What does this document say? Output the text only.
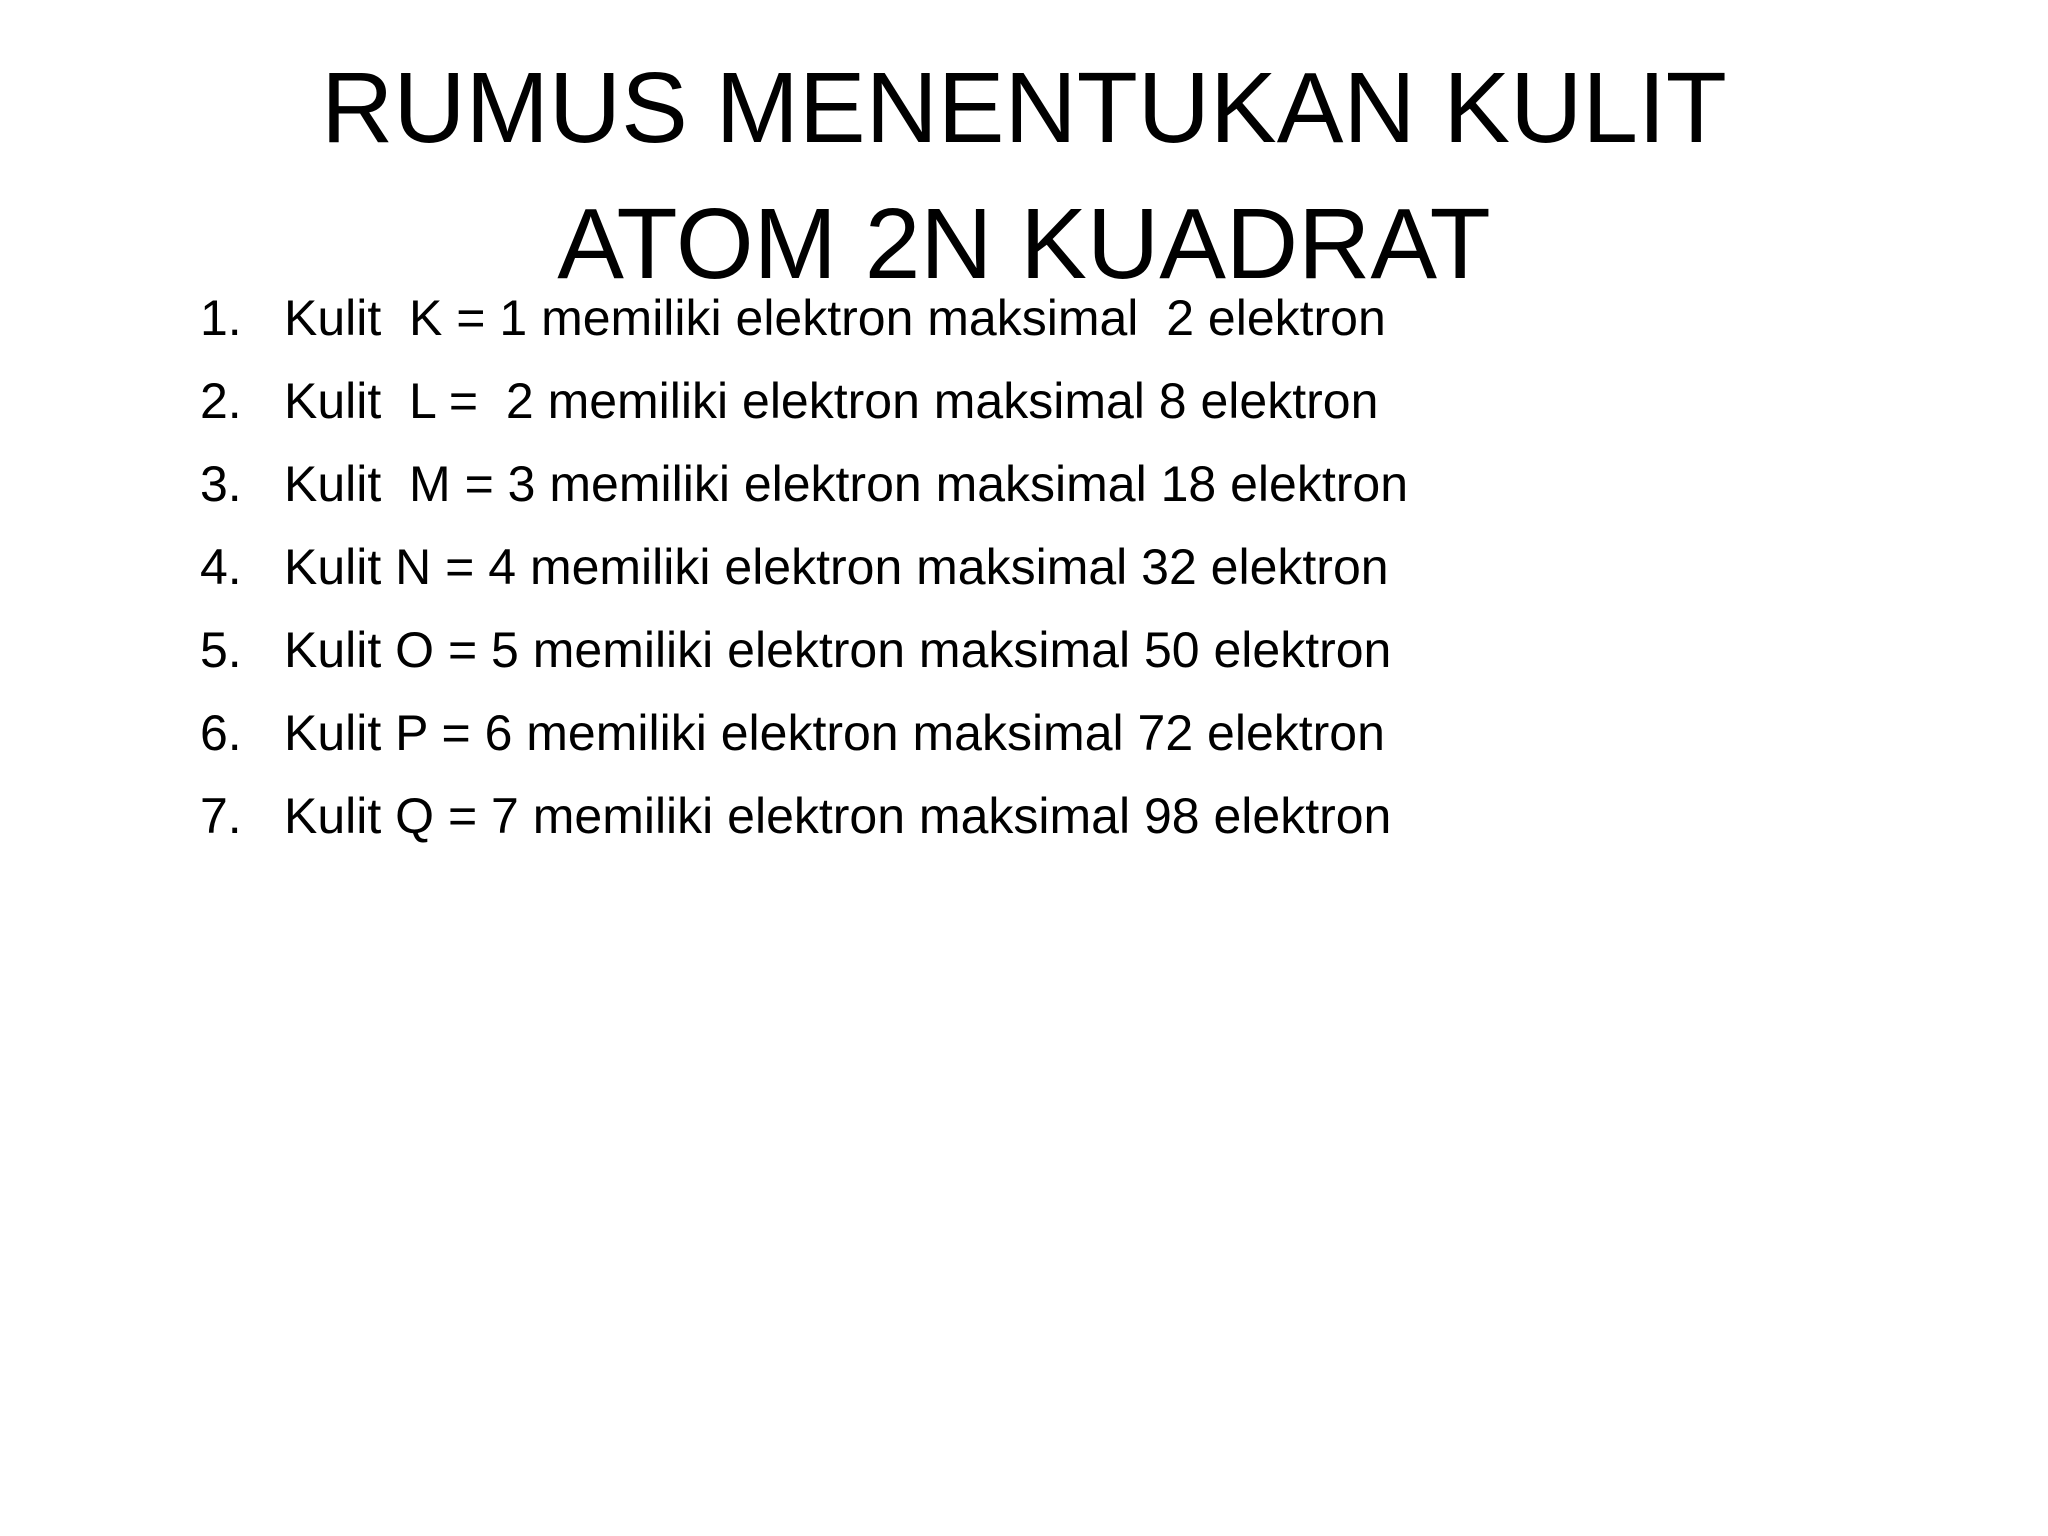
RUMUS MENENTUKAN KULIT
ATOM 2N KUADRAT
1. Kulit  K = 1 memiliki elektron maksimal  2 elektron
2. Kulit  L =  2 memiliki elektron maksimal 8 elektron
3. Kulit  M = 3 memiliki elektron maksimal 18 elektron
4. Kulit N = 4 memiliki elektron maksimal 32 elektron
5. Kulit O = 5 memiliki elektron maksimal 50 elektron
6. Kulit P = 6 memiliki elektron maksimal 72 elektron
7. Kulit Q = 7 memiliki elektron maksimal 98 elektron
